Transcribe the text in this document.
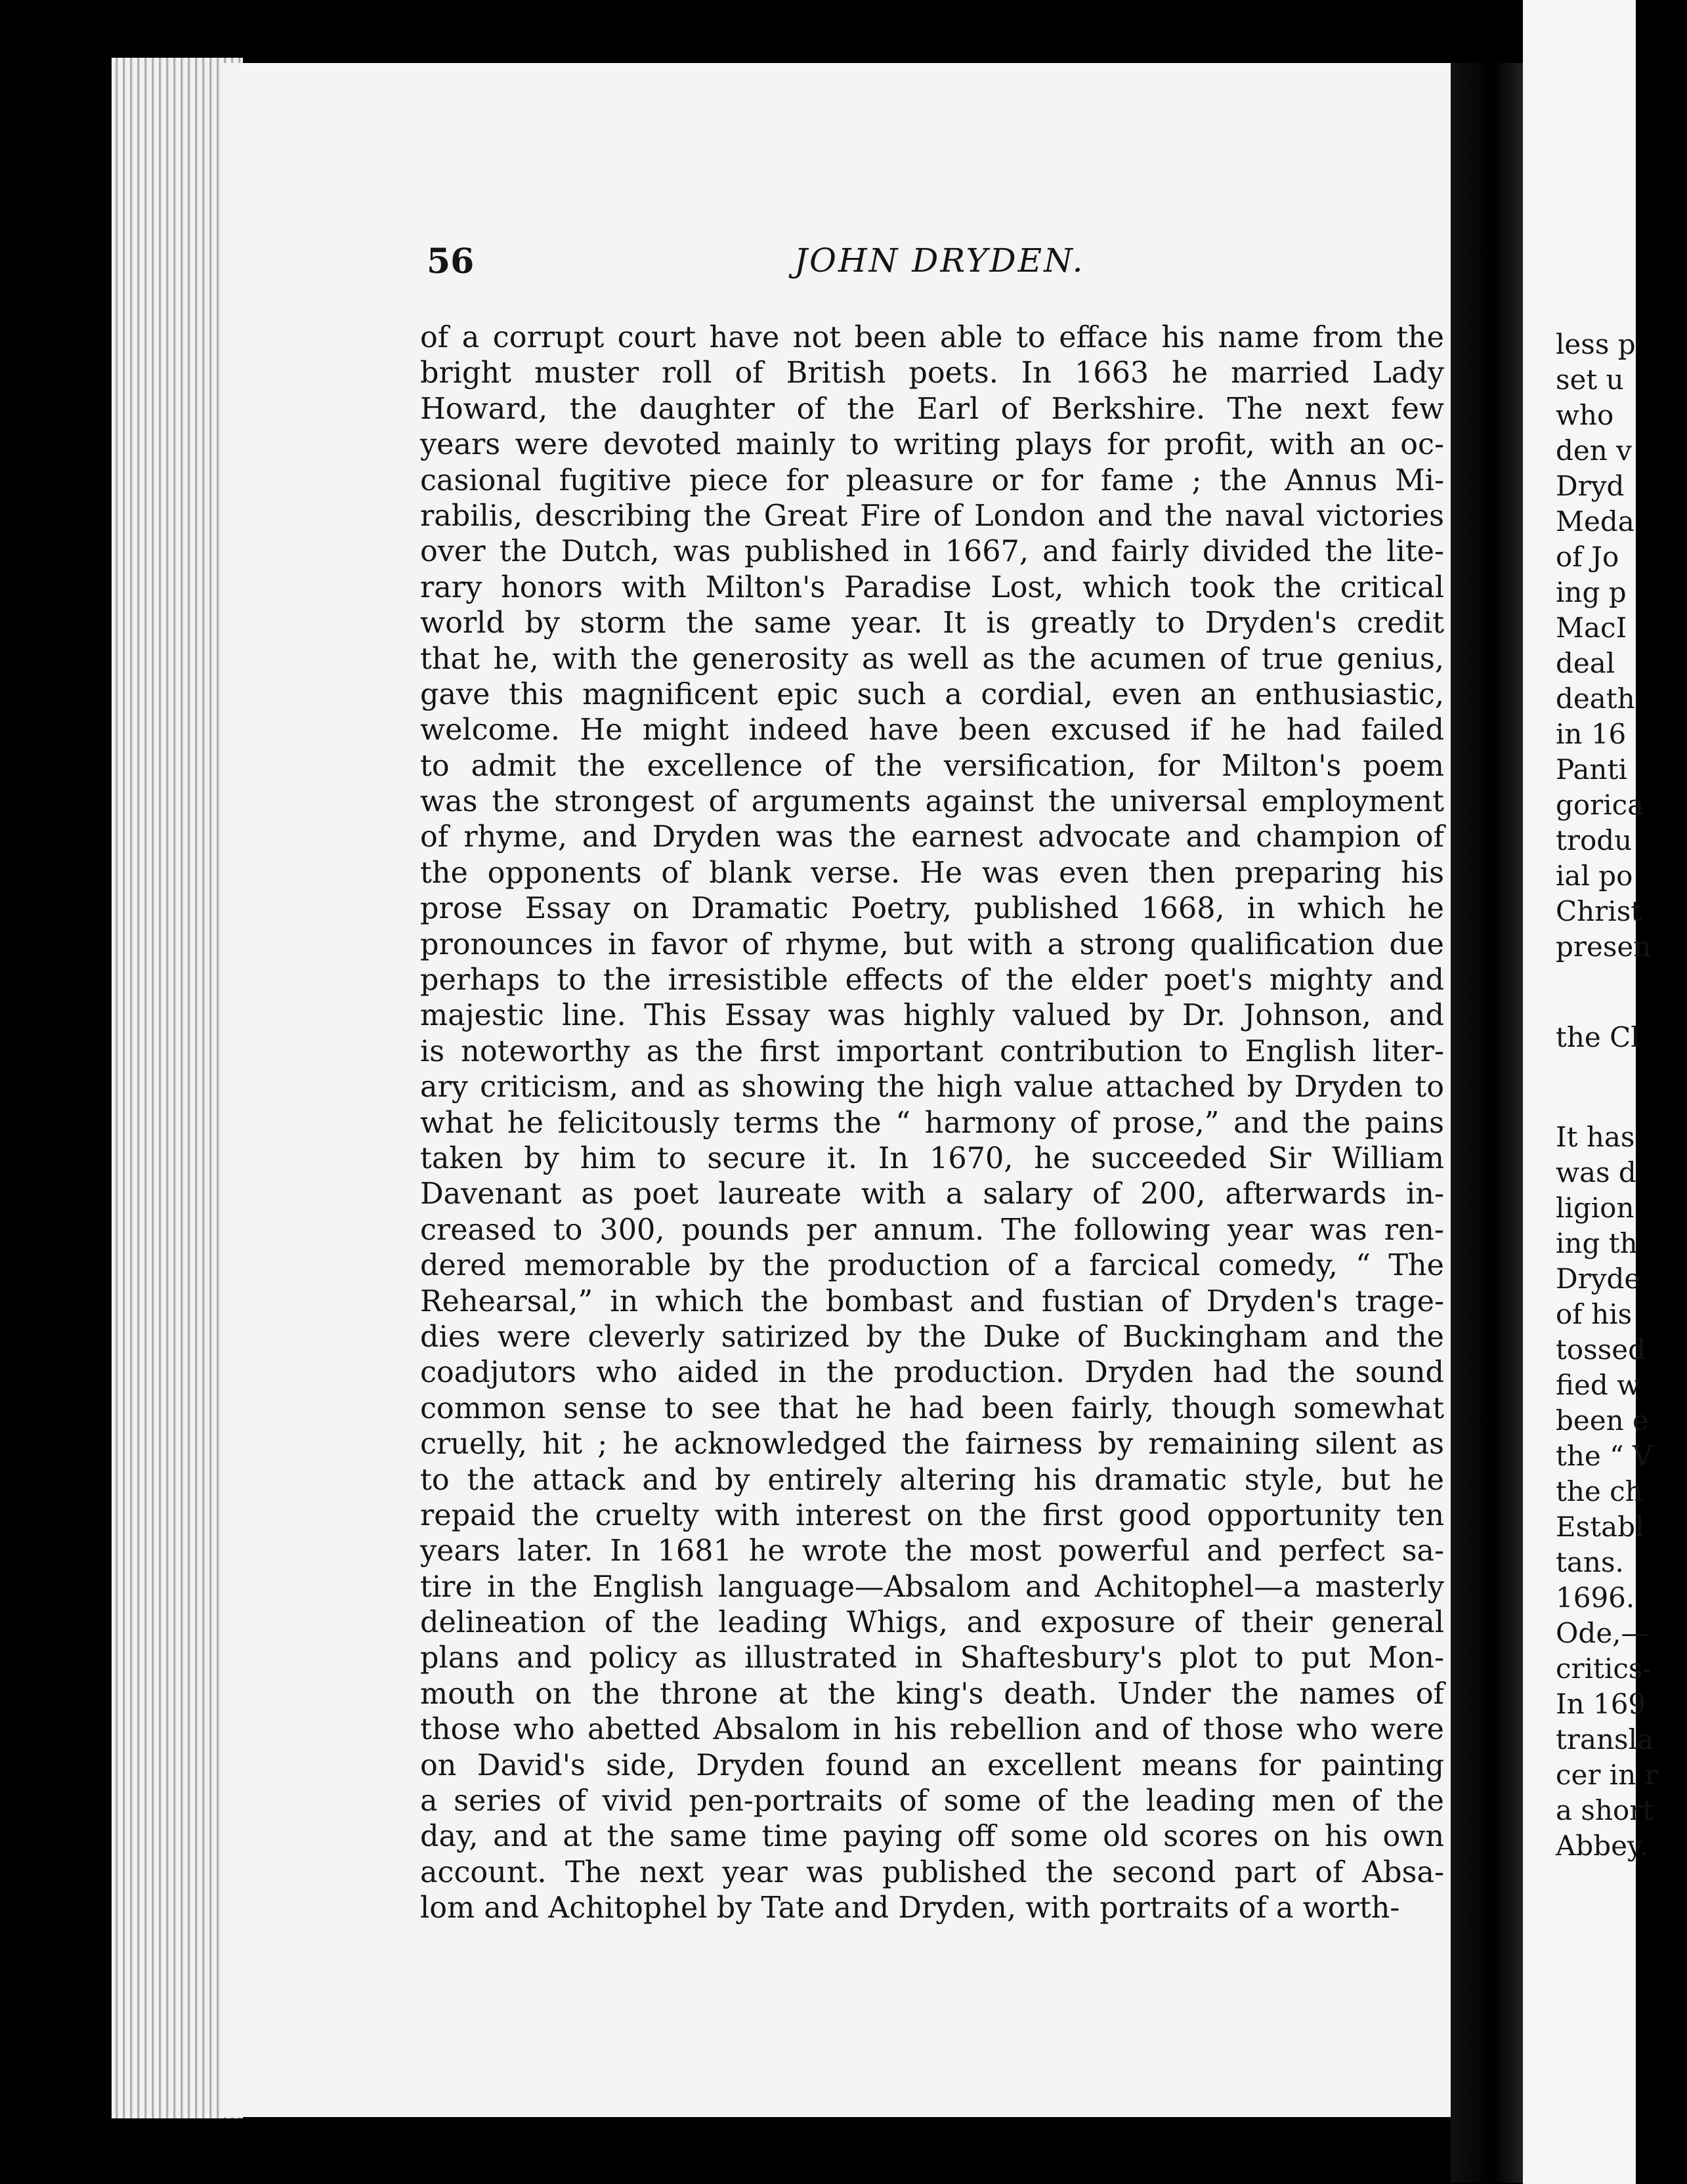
56	JOHN DRYDEN.
of a corrupt court have not been able to efface his name from the
bright muster roll of British poets. In 1663 he married Lady
Howard, the daughter of the Earl of Berkshire. The next few
years were devoted mainly to writing plays for profit, with an oc-
casional fugitive piece for pleasure or for fame ; the Annus Mi-
rabilis, describing the Great Fire of London and the naval victories
over the Dutch, was published in 1667, and fairly divided the lite-
rary honors with Milton's Paradise Lost, which took the critical
world by storm the same year. It is greatly to Dryden's credit
that he, with the generosity as well as the acumen of true genius,
gave this magnificent epic such a cordial, even an enthusiastic,
welcome. He might indeed have been excused if he had failed
to admit the excellence of the versification, for Milton's poem
was the strongest of arguments against the universal employment
of rhyme, and Dryden was the earnest advocate and champion of
the opponents of blank verse. He was even then preparing his
prose Essay on Dramatic Poetry, published 1668, in which he
pronounces in favor of rhyme, but with a strong qualification due
perhaps to the irresistible effects of the elder poet's mighty and
majestic line. This Essay was highly valued by Dr. Johnson, and
is noteworthy as the first important contribution to English liter-
ary criticism, and as showing the high value attached by Dryden to
what he felicitously terms the “ harmony of prose,” and the pains
taken by him to secure it. In 1670, he succeeded Sir William
Davenant as poet laureate with a salary of 200, afterwards in-
creased to 300, pounds per annum. The following year was ren-
dered memorable by the production of a farcical comedy, “ The
Rehearsal,” in which the bombast and fustian of Dryden's trage-
dies were cleverly satirized by the Duke of Buckingham and the
coadjutors who aided in the production. Dryden had the sound
common sense to see that he had been fairly, though somewhat
cruelly, hit ; he acknowledged the fairness by remaining silent as
to the attack and by entirely altering his dramatic style, but he
repaid the cruelty with interest on the first good opportunity ten
years later. In 1681 he wrote the most powerful and perfect sa-
tire in the English language—Absalom and Achitophel—a masterly
delineation of the leading Whigs, and exposure of their general
plans and policy as illustrated in Shaftesbury's plot to put Mon-
mouth on the throne at the king's death. Under the names of
those who abetted Absalom in his rebellion and of those who were
on David's side, Dryden found an excellent means for painting
a series of vivid pen-portraits of some of the leading men of the
day, and at the same time paying off some old scores on his own
account. The next year was published the second part of Absa-
lom and Achitophel by Tate and Dryden, with portraits of a worth-
less p
set u
who
den v
Dryd
Meda
of Jo
ing p
MacI
deal
death
in 16
Panti
gorica
trodu
ial po
Christ
presen
the Cl
It has
was d
ligion
ing th
Dryde
of his
tossed
fied w
been e
the “ V
the ch
Establ
tans.
1696.
Ode,—
critics-
In 169
transla
cer in r
a short
Abbey.
